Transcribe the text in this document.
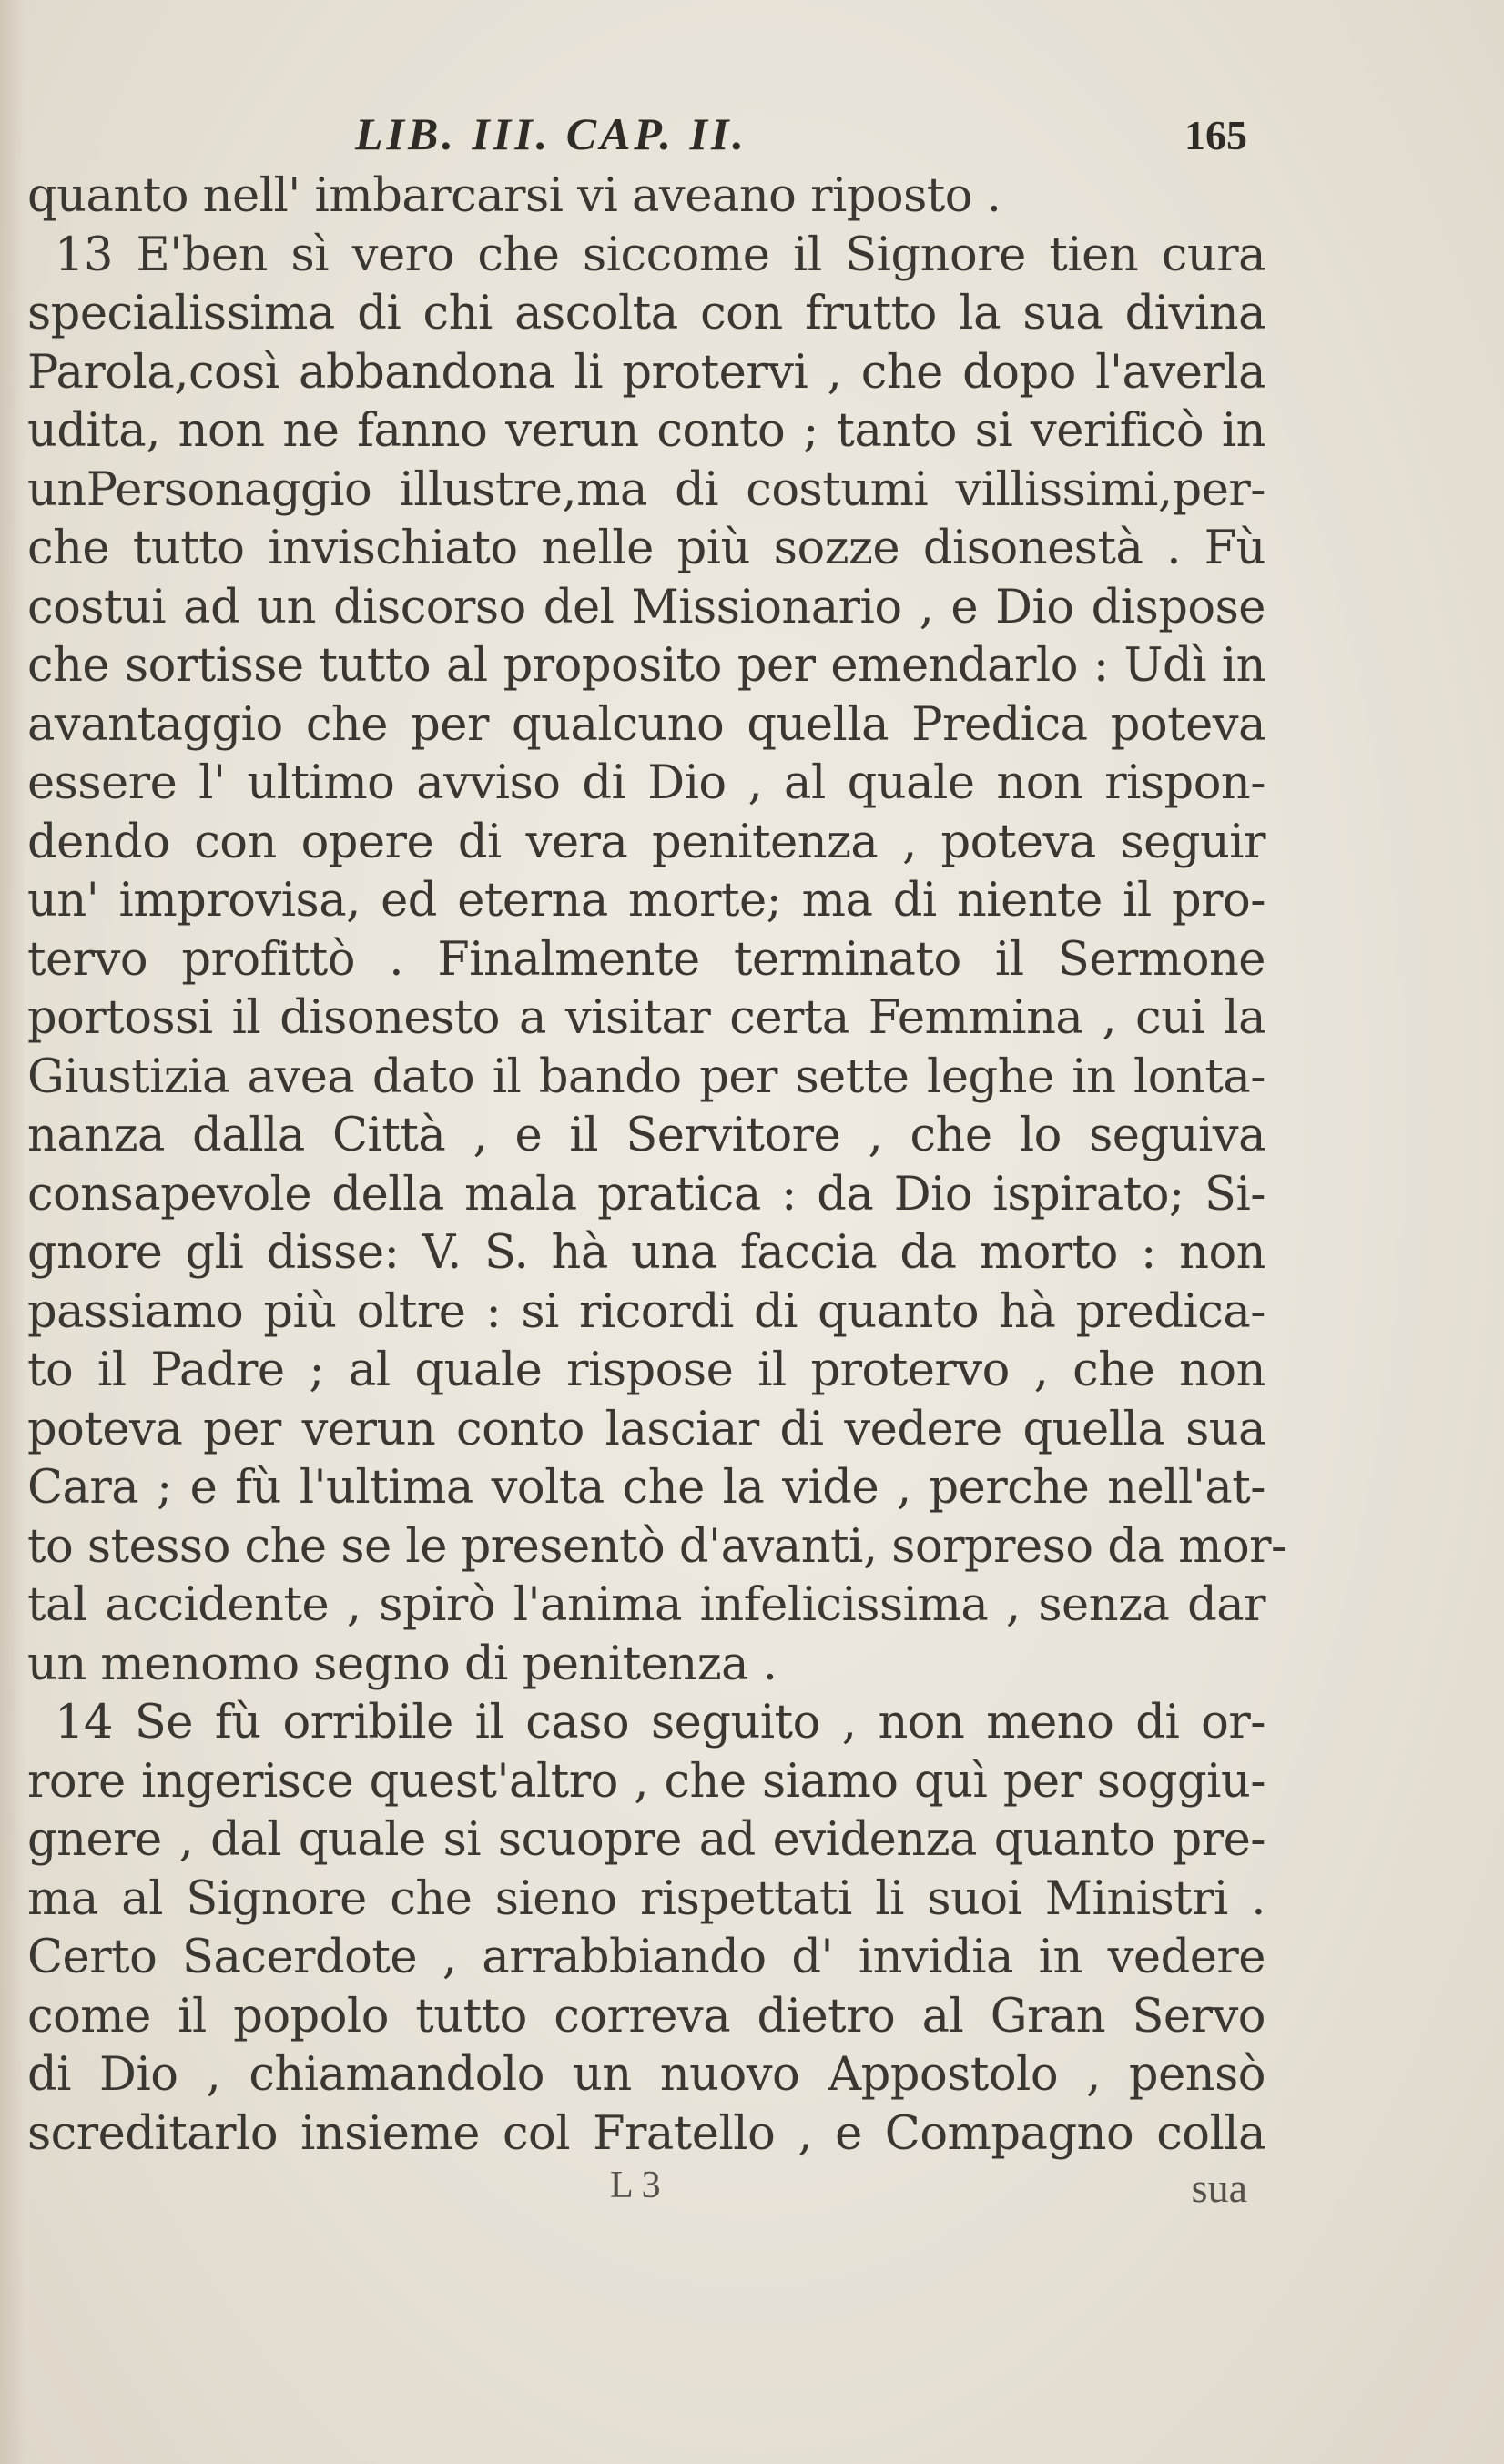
LIB. III. CAP. II.	165
quanto nell' imbarcarsi vi aveano riposto .
13 E'ben sì vero che siccome il Signore tien cura
specialissima di chi ascolta con frutto la sua divina
Parola,così abbandona li protervi , che dopo l'averla
udita, non ne fanno verun conto ; tanto si verificò in
unPersonaggio illustre,ma di costumi villissimi,per-
che tutto invischiato nelle più sozze disonestà . Fù
costui ad un discorso del Missionario , e Dio dispose
che sortisse tutto al proposito per emendarlo : Udì in
avantaggio che per qualcuno quella Predica poteva
essere l' ultimo avviso di Dio , al quale non rispon-
dendo con opere di vera penitenza , poteva seguir
un' improvisa, ed eterna morte; ma di niente il pro-
tervo profittò . Finalmente terminato il Sermone
portossi il disonesto a visitar certa Femmina , cui la
Giustizia avea dato il bando per sette leghe in lonta-
nanza dalla Città , e il Servitore , che lo seguiva
consapevole della mala pratica : da Dio ispirato; Si-
gnore gli disse: V. S. hà una faccia da morto : non
passiamo più oltre : si ricordi di quanto hà predica-
to il Padre ; al quale rispose il protervo , che non
poteva per verun conto lasciar di vedere quella sua
Cara ; e fù l'ultima volta che la vide , perche nell'at-
to stesso che se le presentò d'avanti, sorpreso da mor-
tal accidente , spirò l'anima infelicissima , senza dar
un menomo segno di penitenza .
14 Se fù orribile il caso seguito , non meno di or-
rore ingerisce quest'altro , che siamo quì per soggiu-
gnere , dal quale si scuopre ad evidenza quanto pre-
ma al Signore che sieno rispettati li suoi Ministri .
Certo Sacerdote , arrabbiando d' invidia in vedere
come il popolo tutto correva dietro al Gran Servo
di Dio , chiamandolo un nuovo Appostolo , pensò
screditarlo insieme col Fratello , e Compagno colla
L 3	sua
